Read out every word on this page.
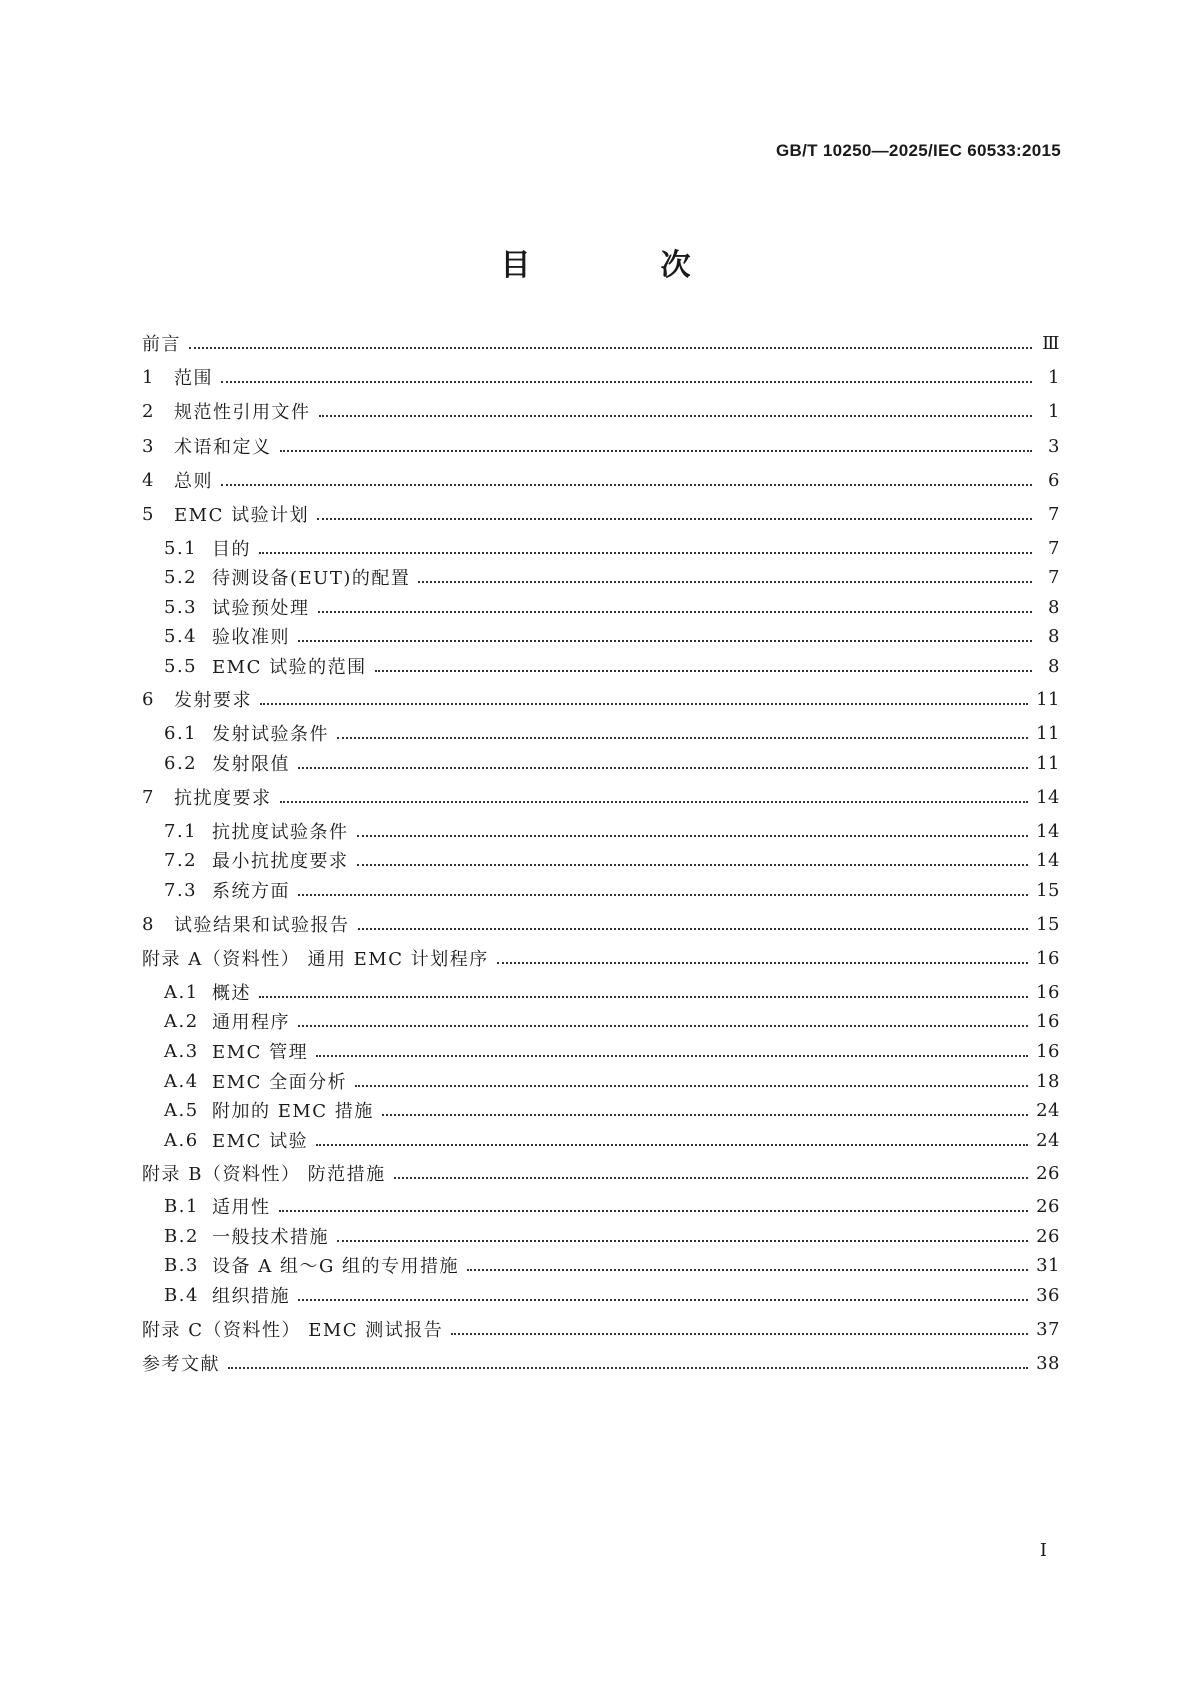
GB/T 10250—2025/IEC 60533:2015
目　次
前言	Ⅲ
1	范围	1
2	规范性引用文件	1
3	术语和定义	3
4	总则	6
5	EMC 试验计划	7
5.1 目的	7
5.2 待测设备(EUT)的配置	7
5.3 试验预处理	8
5.4 验收准则	8
5.5 EMC 试验的范围	8
6	发射要求	11
6.1 发射试验条件	11
6.2 发射限值	11
7	抗扰度要求	14
7.1 抗扰度试验条件	14
7.2 最小抗扰度要求	14
7.3 系统方面	15
8	试验结果和试验报告	15
附录 A（资料性） 通用 EMC 计划程序	16
A.1 概述	16
A.2 通用程序	16
A.3 EMC 管理	16
A.4 EMC 全面分析	18
A.5 附加的 EMC 措施	24
A.6 EMC 试验	24
附录 B（资料性） 防范措施	26
B.1 适用性	26
B.2 一般技术措施	26
B.3 设备 A 组～G 组的专用措施	31
B.4 组织措施	36
附录 C（资料性） EMC 测试报告	37
参考文献	38
Ⅰ
